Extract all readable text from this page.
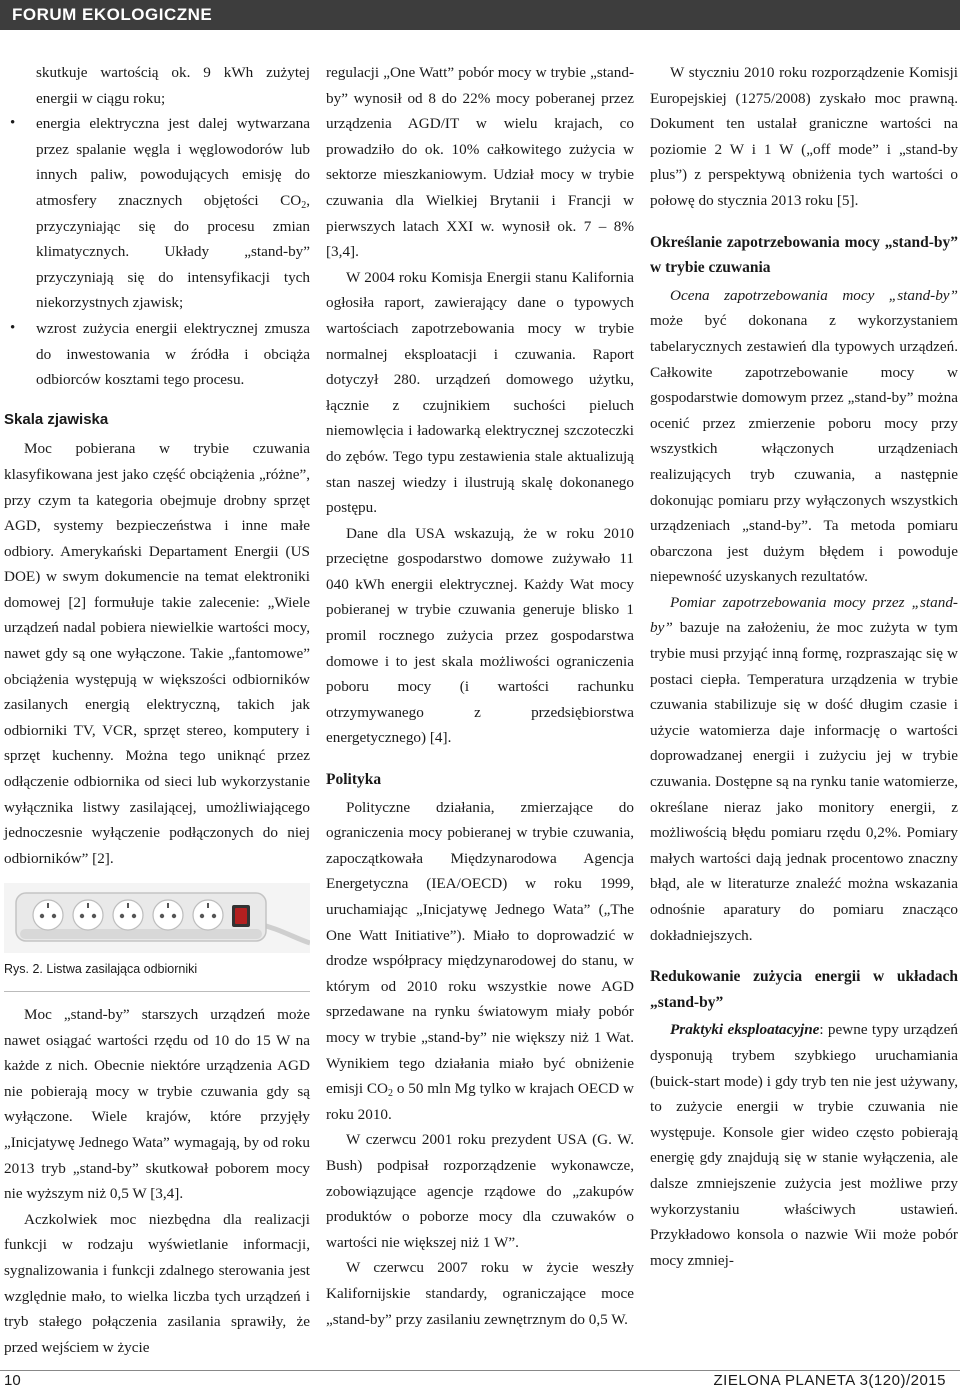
FORUM EKOLOGICZNE

skutkuje wartością ok. 9 kWh zużytej energii w ciągu roku;

• energia elektryczna jest dalej wytwarzana przez spalanie węgla i węglowodorów lub innych paliw, powodujących emisję do atmosfery znacznych objętości $CO_2$, przyczyniając się do procesu zmian klimatycznych. Układy „stand-by” przyczyniają się do intensyfikacji tych niekorzystnych zjawisk;

• wzrost zużycia energii elektrycznej zmusza do inwestowania w źródła i obciąża odbiorców kosztami tego procesu.

Skala zjawiska

Moc pobierana w trybie czuwania klasyfikowana jest jako część obciążenia „różne”, przy czym ta kategoria obejmuje drobny sprzęt AGD, systemy bezpieczeństwa i inne małe odbiory. Amerykański Departament Energii (US DOE) w swym dokumencie na temat elektroniki domowej [2] formułuje takie zalecenie: „Wiele urządzeń nadal pobiera niewielkie wartości mocy, nawet gdy są one wyłączone. Takie „fantomowe” obciążenia występują w większości odbiorników zasilanych energią elektryczną, takich jak odbiorniki TV, VCR, sprzęt stereo, komputery i sprzęt kuchenny. Można tego uniknąć przez odłączenie odbiornika od sieci lub wykorzystanie wyłącznika listwy zasilającej, umożliwiającego jednoczesnie wyłączenie podłączonych do niej odbiorników” [2].

Rys. 2. Listwa zasilająca odbiorniki

Moc „stand-by” starszych urządzeń może nawet osiągać wartości rzędu od 10 do 15 W na każde z nich. Obecnie niektóre urządzenia AGD nie pobierają mocy w trybie czuwania gdy są wyłączone. Wiele krajów, które przyjęły „Inicjatywę Jednego Wata” wymagają, by od roku 2013 tryb „stand-by” skutkował poborem mocy nie wyższym niż 0,5 W [3,4].

Aczkolwiek moc niezbędna dla realizacji funkcji w rodzaju wyświetlanie informacji, sygnalizowania i funkcji zdalnego sterowania jest względnie mało, to wielka liczba tych urządzeń i tryb stałego połączenia zasilania sprawiły, że przed wejściem w życie

regulacji „One Watt” pobór mocy w trybie „stand-by” wynosił od 8 do 22% mocy poberanej przez urządzenia AGD/IT w wielu krajach, co prowadziło do ok. 10% całkowitego zużycia w sektorze mieszkaniowym. Udział mocy w trybie czuwania dla Wielkiej Brytanii i Francji w pierwszych latach XXI w. wynosił ok. 7 – 8% [3,4].

W 2004 roku Komisja Energii stanu Kalifornia ogłosiła raport, zawierający dane o typowych wartościach zapotrzebowania mocy w trybie normalnej eksploatacji i czuwania. Raport dotyczył 280. urządzeń domowego użytku, łącznie z czujnikiem suchości pieluch niemowlęcia i ładowarką elektrycznej szczoteczki do zębów. Tego typu zestawienia stale aktualizują stan naszej wiedzy i ilustrują skalę dokonanego postępu.

Dane dla USA wskazują, że w roku 2010 przeciętne gospodarstwo domowe zużywało 11 040 kWh energii elektrycznej. Każdy Wat mocy pobieranej w trybie czuwania generuje blisko 1 promil rocznego zużycia przez gospodarstwa domowe i to jest skala możliwości ograniczenia poboru mocy (i wartości rachunku otrzymywanego z przedsiębiorstwa energetycznego) [4].

Polityka

Polityczne działania, zmierzające do ograniczenia mocy pobieranej w trybie czuwania, zapoczątkowała Międzynarodowa Agencja Energetyczna (IEA/OECD) w roku 1999, uruchamiając „Inicjatywę Jednego Wata” („The One Watt Initiative”). Miało to doprowadzić w drodze współpracy międzynarodowej do stanu, w którym od 2010 roku wszystkie nowe AGD sprzedawane na rynku światowym miały pobór mocy w trybie „stand-by” nie większy niż 1 Wat. Wynikiem tego działania miało być obniżenie emisji $CO_2$ o 50 mln Mg tylko w krajach OECD w roku 2010.

W czerwcu 2001 roku prezydent USA (G. W. Bush) podpisał rozporządzenie wykonawcze, zobowiązujące agencje rządowe do „zakupów produktów o poborze mocy dla czuwaków o wartości nie większej niż 1 W”.

W czerwcu 2007 roku w życie weszły Kalifornijskie standardy, ograniczające moce „stand-by” przy zasilaniu zewnętrznym do 0,5 W.

W styczniu 2010 roku rozporządzenie Komisji Europejskiej (1275/2008) zyskało moc prawną. Dokument ten ustalał graniczne wartości na poziomie 2 W i 1 W („off mode” i „stand-by plus”) z perspektywą obniżenia tych wartości o połowę do stycznia 2013 roku [5].

Określanie zapotrzebowania mocy „stand-by” w trybie czuwania

Ocena zapotrzebowania mocy „stand-by” może być dokonana z wykorzystaniem tabelarycznych zestawień dla typowych urządzeń. Całkowite zapotrzebowanie mocy w gospodarstwie domowym przez „stand-by” można ocenić przez zmierzenie poboru mocy przy wszystkich włączonych urządzeniach realizujących tryb czuwania, a następnie dokonując pomiaru przy wyłączonych wszystkich urządzeniach „stand-by”. Ta metoda pomiaru obarczona jest dużym błędem i powoduje niepewność uzyskanych rezultatów.

Pomiar zapotrzebowania mocy przez „stand-by” bazuje na założeniu, że moc zużyta w tym trybie musi przyjąć inną formę, rozpraszając się w postaci ciepła. Temperatura urządzenia w trybie czuwania stabilizuje się w dość długim czasie i użycie watomierza daje informację o wartości doprowadzanej energii i zużyciu jej w trybie czuwania. Dostępne są na rynku tanie watomierze, określane nieraz jako monitory energii, z możliwością błędu pomiaru rzędu 0,2%. Pomiary małych wartości dają jednak procentowo znaczny błąd, ale w literaturze znaleźć można wskazania odnośnie aparatury do pomiaru znacząco dokładniejszych.

Redukowanie zużycia energii w układach „stand-by”

Praktyki eksploatacyjne: pewne typy urządzeń dysponują trybem szybkiego uruchamiania (buick-start mode) i gdy tryb ten nie jest używany, to zużycie energii w trybie czuwania nie występuje. Konsole gier wideo często pobierają energię gdy znajdują się w stanie wyłączenia, ale dalsze zmniejszenie zużycia jest możliwe przy wykorzystaniu właściwych ustawień. Przykładowo konsola o nazwie Wii może pobór mocy zmniej-

10	ZIELONA PLANETA 3(120)/2015
